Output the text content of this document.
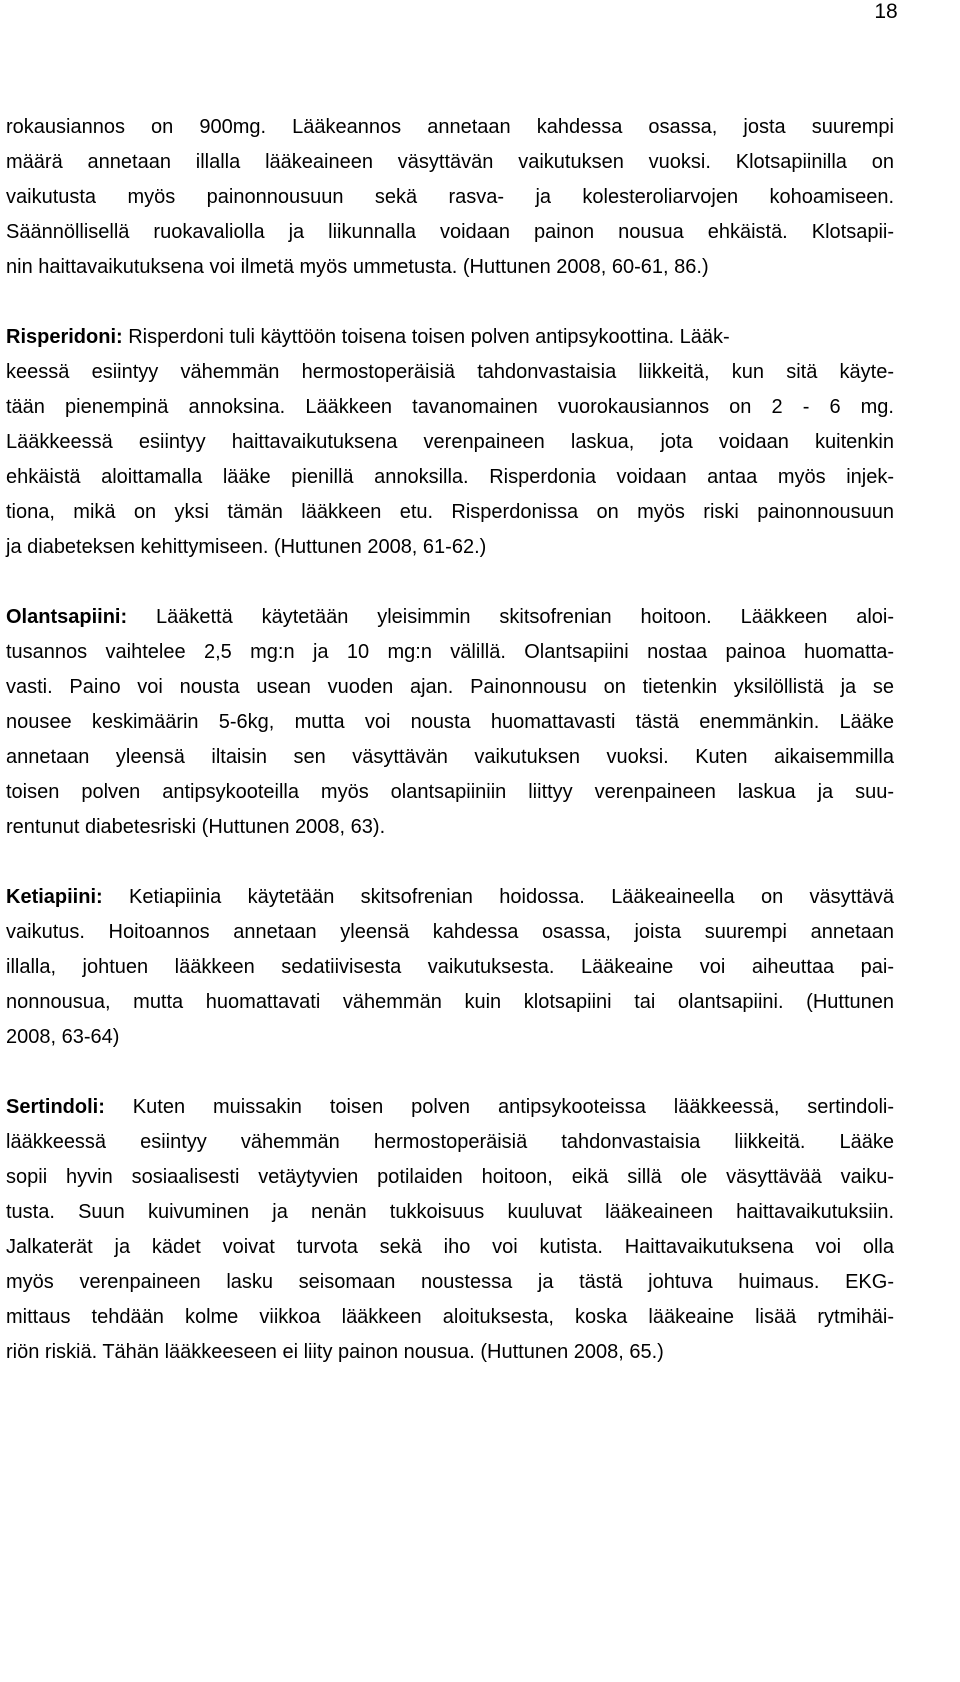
18
rokausiannos on 900mg. Lääkeannos annetaan kahdessa osassa, josta suurempi
määrä annetaan illalla lääkeaineen väsyttävän vaikutuksen vuoksi. Klotsapiinilla on
vaikutusta myös painonnousuun sekä rasva- ja kolesteroliarvojen kohoamiseen.
Säännöllisellä ruokavaliolla ja liikunnalla voidaan painon nousua ehkäistä. Klotsapii-
nin haittavaikutuksena voi ilmetä myös ummetusta. (Huttunen 2008, 60-61, 86.)
Risperidoni: Risperdoni tuli käyttöön toisena toisen polven antipsykoottina. Lääk-
keessä esiintyy vähemmän hermostoperäisiä tahdonvastaisia liikkeitä, kun sitä käyte-
tään pienempinä annoksina. Lääkkeen tavanomainen vuorokausiannos on 2 - 6 mg.
Lääkkeessä esiintyy haittavaikutuksena verenpaineen laskua, jota voidaan kuitenkin
ehkäistä aloittamalla lääke pienillä annoksilla. Risperdonia voidaan antaa myös injek-
tiona, mikä on yksi tämän lääkkeen etu. Risperdonissa on myös riski painonnousuun
ja diabeteksen kehittymiseen. (Huttunen 2008, 61-62.)
Olantsapiini: Lääkettä käytetään yleisimmin skitsofrenian hoitoon. Lääkkeen aloi-
tusannos vaihtelee 2,5 mg:n ja 10 mg:n välillä. Olantsapiini nostaa painoa huomatta-
vasti. Paino voi nousta usean vuoden ajan. Painonnousu on tietenkin yksilöllistä ja se
nousee keskimäärin 5-6kg, mutta voi nousta huomattavasti tästä enemmänkin. Lääke
annetaan yleensä iltaisin sen väsyttävän vaikutuksen vuoksi. Kuten aikaisemmilla
toisen polven antipsykooteilla myös olantsapiiniin liittyy verenpaineen laskua ja suu-
rentunut diabetesriski (Huttunen 2008, 63).
Ketiapiini: Ketiapiinia käytetään skitsofrenian hoidossa. Lääkeaineella on väsyttävä
vaikutus. Hoitoannos annetaan yleensä kahdessa osassa, joista suurempi annetaan
illalla, johtuen lääkkeen sedatiivisesta vaikutuksesta. Lääkeaine voi aiheuttaa pai-
nonnousua, mutta huomattavati vähemmän kuin klotsapiini tai olantsapiini. (Huttunen
2008, 63-64)
Sertindoli: Kuten muissakin toisen polven antipsykooteissa lääkkeessä, sertindoli-
lääkkeessä esiintyy vähemmän hermostoperäisiä tahdonvastaisia liikkeitä. Lääke
sopii hyvin sosiaalisesti vetäytyvien potilaiden hoitoon, eikä sillä ole väsyttävää vaiku-
tusta. Suun kuivuminen ja nenän tukkoisuus kuuluvat lääkeaineen haittavaikutuksiin.
Jalkaterät ja kädet voivat turvota sekä iho voi kutista. Haittavaikutuksena voi olla
myös verenpaineen lasku seisomaan noustessa ja tästä johtuva huimaus. EKG-
mittaus tehdään kolme viikkoa lääkkeen aloituksesta, koska lääkeaine lisää rytmihäi-
riön riskiä. Tähän lääkkeeseen ei liity painon nousua. (Huttunen 2008, 65.)
